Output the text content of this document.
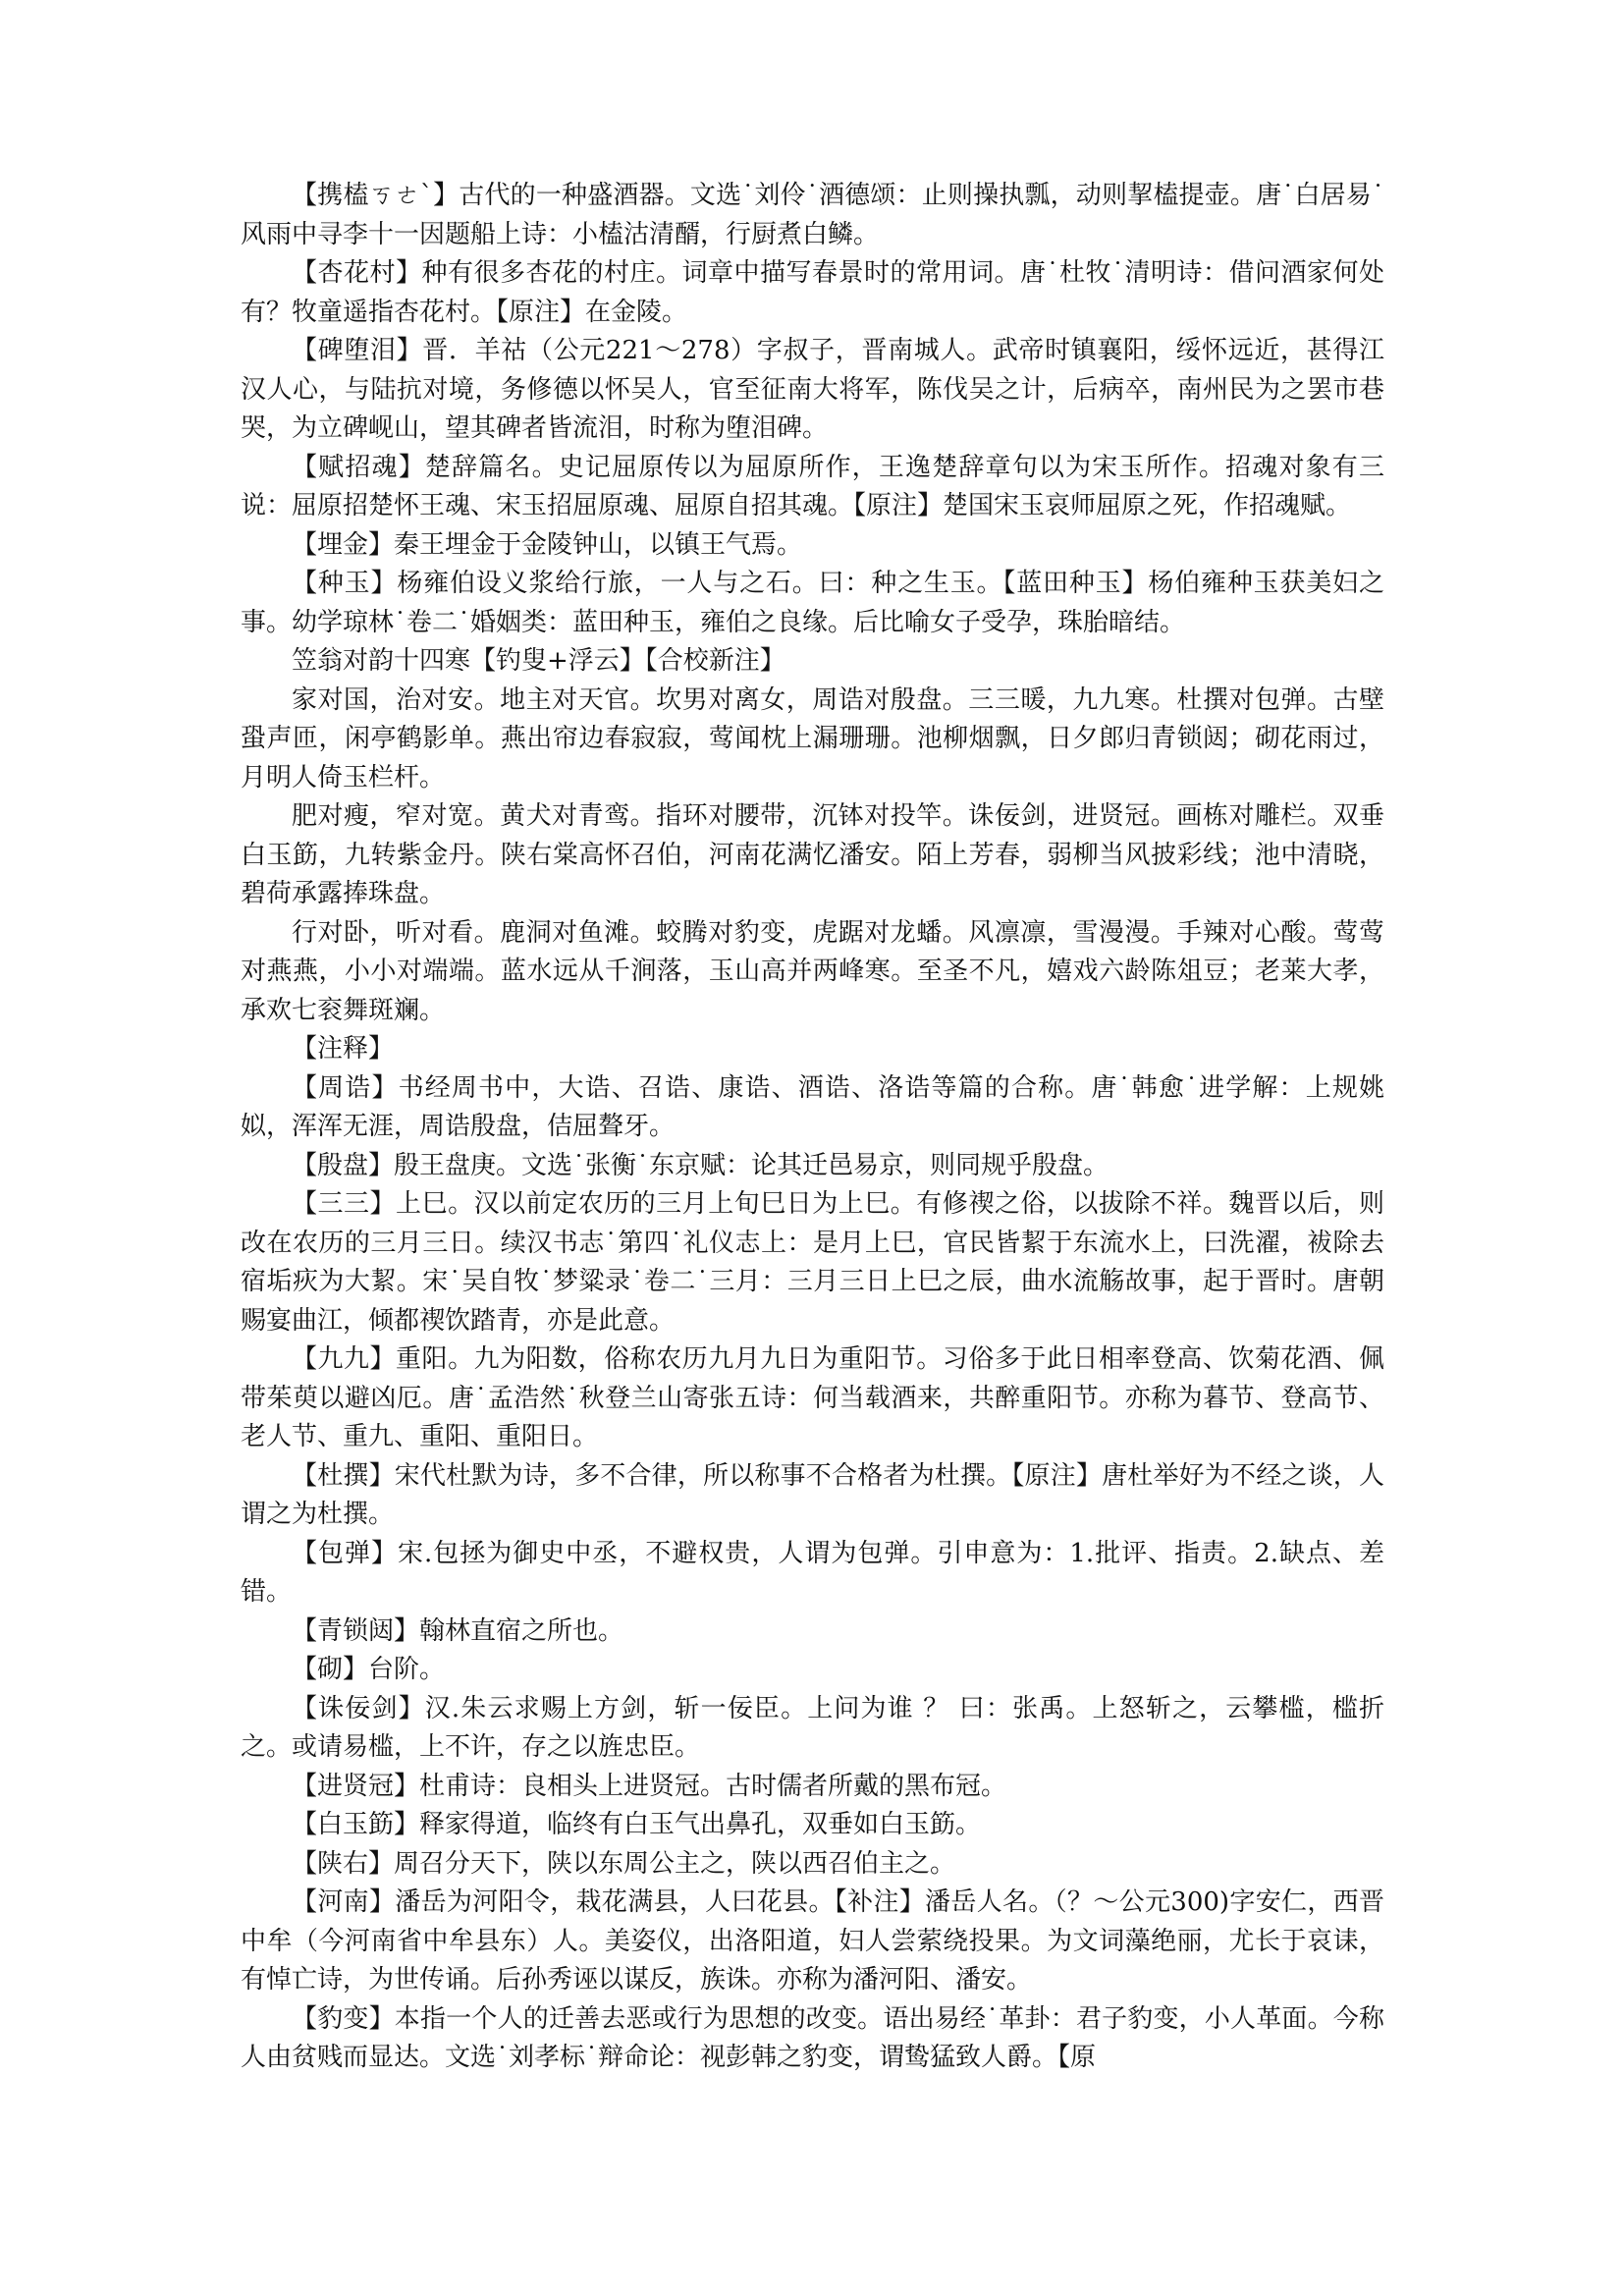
【携榼ㄎㄜˋ】古代的一种盛酒器。文选˙刘伶˙酒德颂：止则操执瓢，动则挈榼提壶。唐˙白居易˙风雨中寻李十一因题船上诗：小榼沽清醑，行厨煮白鳞。

【杏花村】种有很多杏花的村庄。词章中描写春景时的常用词。唐˙杜牧˙清明诗：借问酒家何处有？牧童遥指杏花村。【原注】在金陵。

【碑堕泪】晋．羊祜（公元221～278）字叔子，晋南城人。武帝时镇襄阳，绥怀远近，甚得江汉人心，与陆抗对境，务修德以怀吴人，官至征南大将军，陈伐吴之计，后病卒，南州民为之罢市巷哭，为立碑岘山，望其碑者皆流泪，时称为堕泪碑。

【赋招魂】楚辞篇名。史记屈原传以为屈原所作，王逸楚辞章句以为宋玉所作。招魂对象有三说：屈原招楚怀王魂、宋玉招屈原魂、屈原自招其魂。【原注】楚国宋玉哀师屈原之死，作招魂赋。

【埋金】秦王埋金于金陵钟山，以镇王气焉。

【种玉】杨雍伯设义浆给行旅，一人与之石。曰：种之生玉。【蓝田种玉】杨伯雍种玉获美妇之事。幼学琼林˙卷二˙婚姻类：蓝田种玉，雍伯之良缘。后比喻女子受孕，珠胎暗结。

笠翁对韵十四寒【钓叟+浮云】【合校新注】

家对国，治对安。地主对天官。坎男对离女，周诰对殷盘。三三暖，九九寒。杜撰对包弹。古壁蛩声匝，闲亭鹤影单。燕出帘边春寂寂，莺闻枕上漏珊珊。池柳烟飘，日夕郎归青锁闼；砌花雨过，月明人倚玉栏杆。

肥对瘦，窄对宽。黄犬对青鸾。指环对腰带，沉钵对投竿。诛佞剑，进贤冠。画栋对雕栏。双垂白玉筯，九转紫金丹。陕右棠高怀召伯，河南花满忆潘安。陌上芳春，弱柳当风披彩线；池中清晓，碧荷承露捧珠盘。

行对卧，听对看。鹿洞对鱼滩。蛟腾对豹变，虎踞对龙蟠。风凛凛，雪漫漫。手辣对心酸。莺莺对燕燕，小小对端端。蓝水远从千涧落，玉山高并两峰寒。至圣不凡，嬉戏六龄陈俎豆；老莱大孝，承欢七衮舞斑斓。

【注释】

【周诰】书经周书中，大诰、召诰、康诰、酒诰、洛诰等篇的合称。唐˙韩愈˙进学解：上规姚姒，浑浑无涯，周诰殷盘，佶屈聱牙。

【殷盘】殷王盘庚。文选˙张衡˙东京赋：论其迁邑易京，则同规乎殷盘。

【三三】上巳。汉以前定农历的三月上旬巳日为上巳。有修禊之俗，以拔除不祥。魏晋以后，则改在农历的三月三日。续汉书志˙第四˙礼仪志上：是月上巳，官民皆絜于东流水上，曰洗濯，袚除去宿垢疢为大絜。宋˙吴自牧˙梦粱录˙卷二˙三月：三月三日上巳之辰，曲水流觞故事，起于晋时。唐朝赐宴曲江，倾都禊饮踏青，亦是此意。

【九九】重阳。九为阳数，俗称农历九月九日为重阳节。习俗多于此日相率登高、饮菊花酒、佩带茱萸以避凶厄。唐˙孟浩然˙秋登兰山寄张五诗：何当载酒来，共醉重阳节。亦称为暮节、登高节、老人节、重九、重阳、重阳日。

【杜撰】宋代杜默为诗，多不合律，所以称事不合格者为杜撰。【原注】唐杜举好为不经之谈，人谓之为杜撰。

【包弹】宋.包拯为御史中丞，不避权贵，人谓为包弹。引申意为：1.批评、指责。2.缺点、差错。

【青锁闼】翰林直宿之所也。

【砌】台阶。

【诛佞剑】汉.朱云求赐上方剑，斩一佞臣。上问为谁 ？ 曰：张禹。上怒斩之，云攀槛，槛折之。或请易槛，上不许，存之以旌忠臣。

【进贤冠】杜甫诗：良相头上进贤冠。古时儒者所戴的黑布冠。

【白玉筯】释家得道，临终有白玉气出鼻孔，双垂如白玉筯。

【陕右】周召分天下，陕以东周公主之，陕以西召伯主之。

【河南】潘岳为河阳令，栽花满县，人曰花县。【补注】潘岳人名。（？～公元300)字安仁，西晋中牟（今河南省中牟县东）人。美姿仪，出洛阳道，妇人尝萦绕投果。为文词藻绝丽，尤长于哀诔，有悼亡诗，为世传诵。后孙秀诬以谋反，族诛。亦称为潘河阳、潘安。

【豹变】本指一个人的迁善去恶或行为思想的改变。语出易经˙革卦：君子豹变，小人革面。今称人由贫贱而显达。文选˙刘孝标˙辩命论：视彭韩之豹变，谓鸷猛致人爵。【原
